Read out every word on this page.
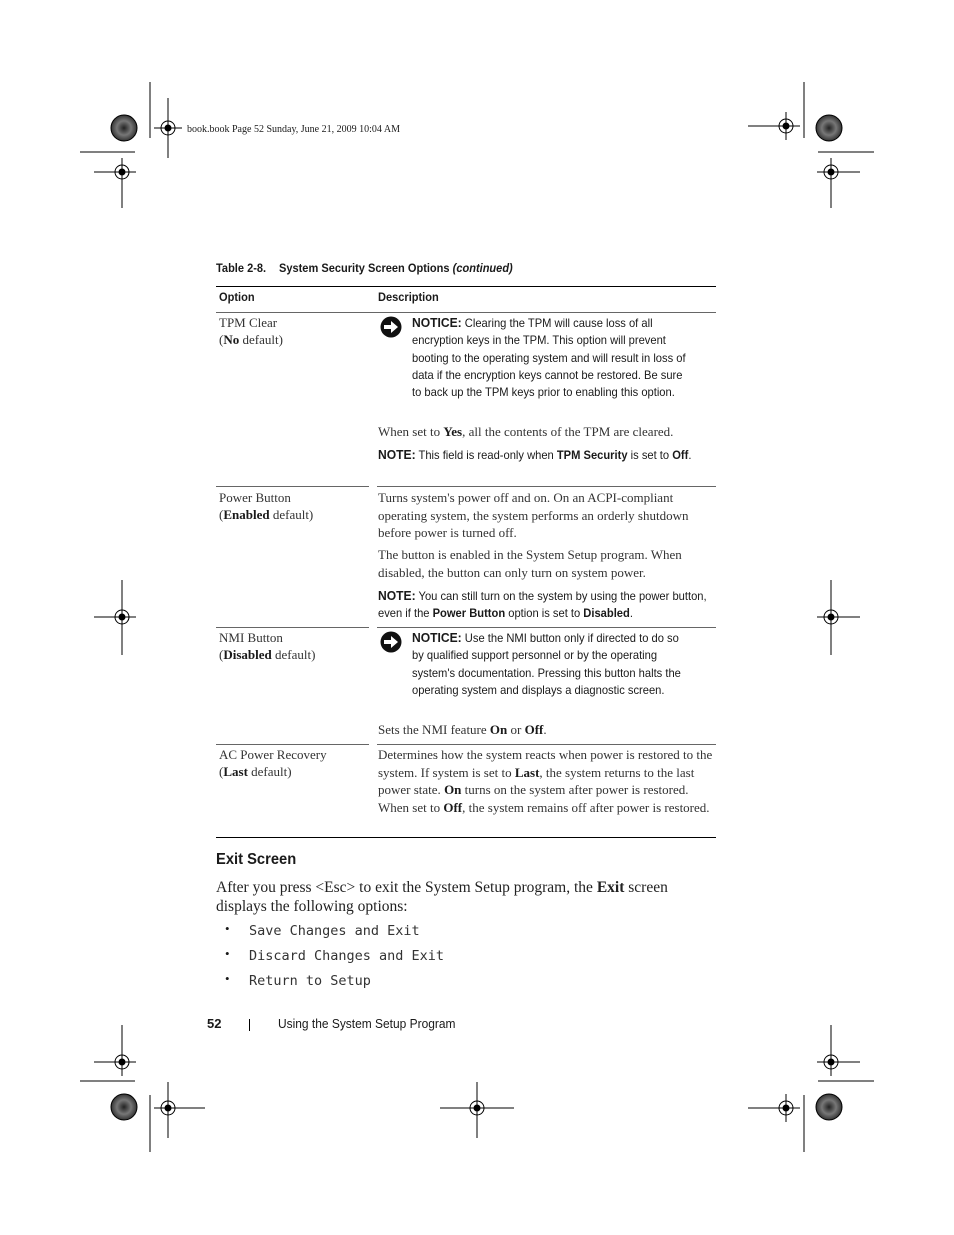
book.book Page 52 Sunday, June 21, 2009 10:04 AM
Table 2-8. System Security Screen Options (continued)
Option	Description
TPM Clear
(No default)
NOTICE: Clearing the TPM will cause loss of all encryption keys in the TPM. This option will prevent booting to the operating system and will result in loss of data if the encryption keys cannot be restored. Be sure to back up the TPM keys prior to enabling this option.
When set to Yes, all the contents of the TPM are cleared.
NOTE: This field is read-only when TPM Security is set to Off.
Power Button
(Enabled default)
Turns system's power off and on. On an ACPI-compliant operating system, the system performs an orderly shutdown before power is turned off.
The button is enabled in the System Setup program. When disabled, the button can only turn on system power.
NOTE: You can still turn on the system by using the power button, even if the Power Button option is set to Disabled.
NMI Button
(Disabled default)
NOTICE: Use the NMI button only if directed to do so by qualified support personnel or by the operating system's documentation. Pressing this button halts the operating system and displays a diagnostic screen.
Sets the NMI feature On or Off.
AC Power Recovery
(Last default)
Determines how the system reacts when power is restored to the system. If system is set to Last, the system returns to the last power state. On turns on the system after power is restored. When set to Off, the system remains off after power is restored.
Exit Screen
After you press <Esc> to exit the System Setup program, the Exit screen displays the following options:
• Save Changes and Exit
• Discard Changes and Exit
• Return to Setup
52	Using the System Setup Program
